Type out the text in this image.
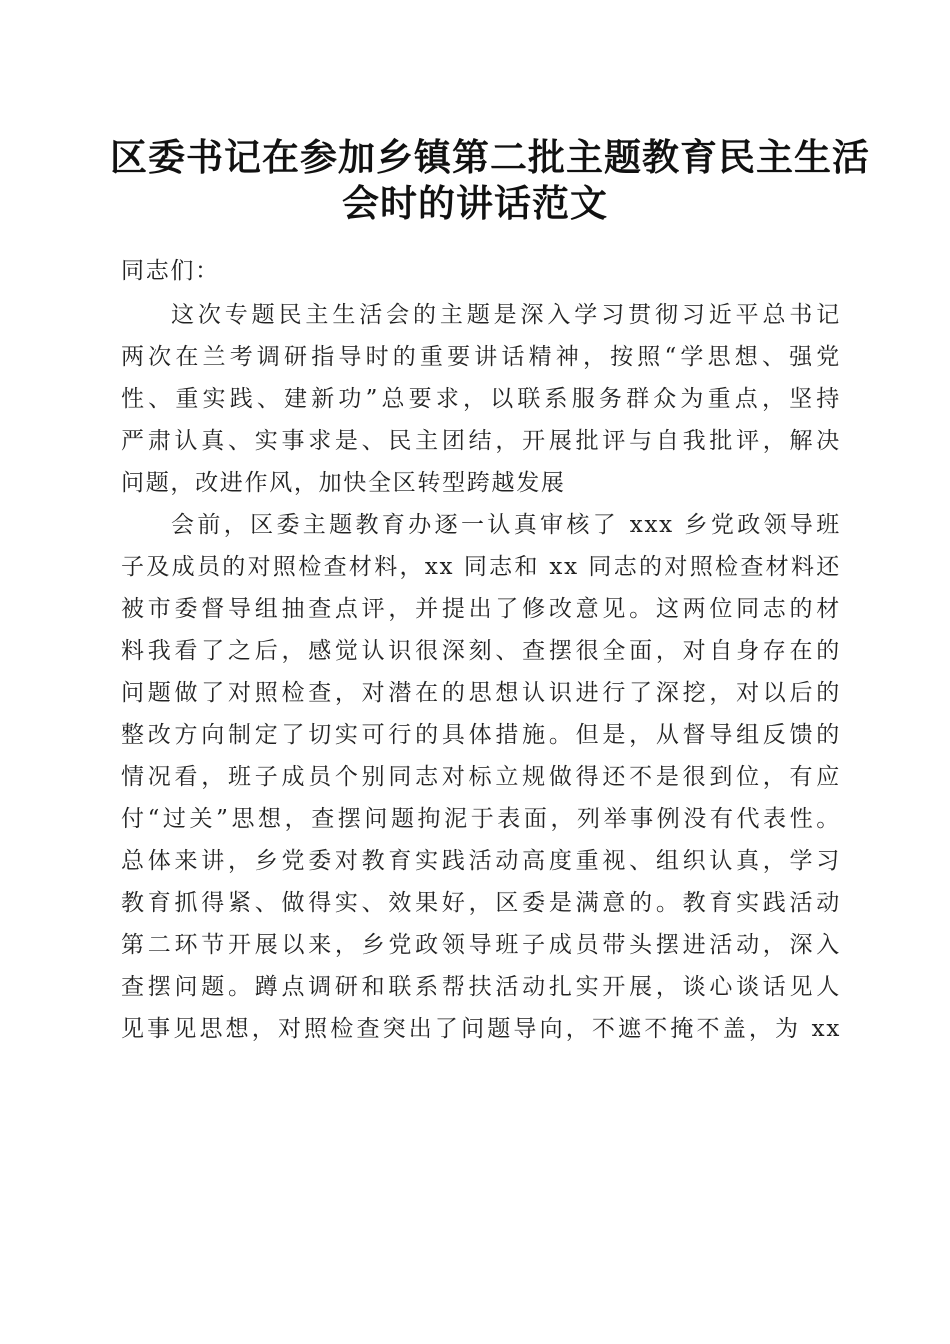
区委书记在参加乡镇第二批主题教育民主生活
会时的讲话范文

同志们：

这次专题民主生活会的主题是深入学习贯彻习近平总书记
两次在兰考调研指导时的重要讲话精神，按照“学思想、强党
性、重实践、建新功”总要求，以联系服务群众为重点，坚持
严肃认真、实事求是、民主团结，开展批评与自我批评，解决
问题，改进作风，加快全区转型跨越发展

会前，区委主题教育办逐一认真审核了 xxx 乡党政领导班
子及成员的对照检查材料，xx 同志和 xx 同志的对照检查材料还
被市委督导组抽查点评，并提出了修改意见。这两位同志的材
料我看了之后，感觉认识很深刻、查摆很全面，对自身存在的
问题做了对照检查，对潜在的思想认识进行了深挖，对以后的
整改方向制定了切实可行的具体措施。但是，从督导组反馈的
情况看，班子成员个别同志对标立规做得还不是很到位，有应
付“过关”思想，查摆问题拘泥于表面，列举事例没有代表性。
总体来讲，乡党委对教育实践活动高度重视、组织认真，学习
教育抓得紧、做得实、效果好，区委是满意的。教育实践活动
第二环节开展以来，乡党政领导班子成员带头摆进活动，深入
查摆问题。蹲点调研和联系帮扶活动扎实开展，谈心谈话见人
见事见思想，对照检查突出了问题导向，不遮不掩不盖，为 xx
